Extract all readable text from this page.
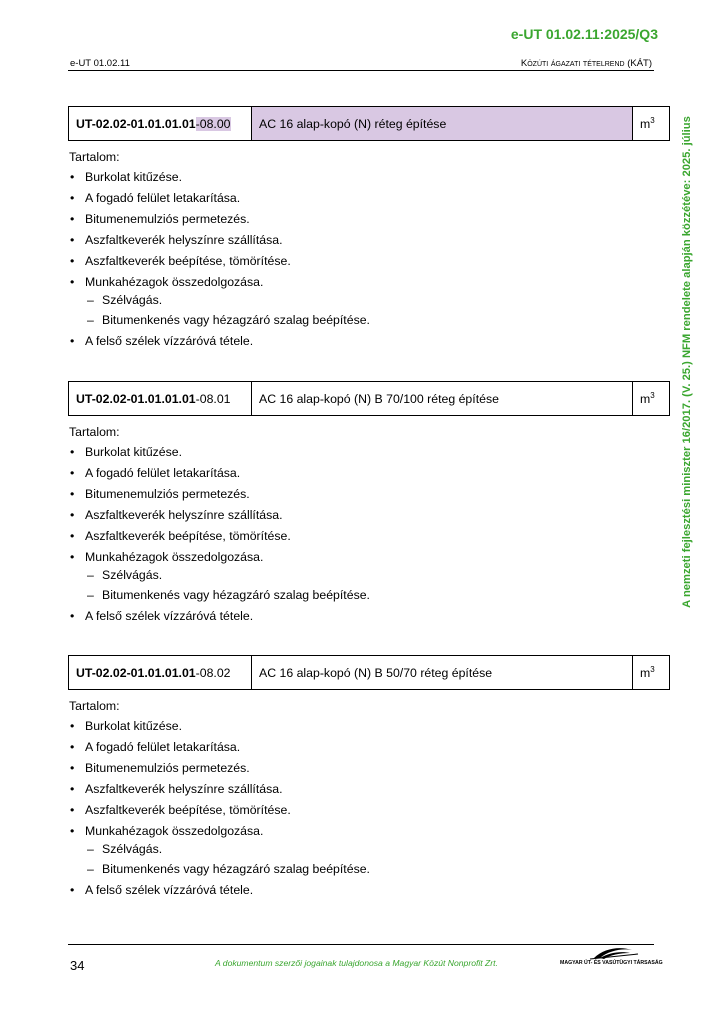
e-UT 01.02.11:2025/Q3
e-UT 01.02.11	Közúti ágazati tételrend (KÁT)
A nemzeti fejlesztési miniszter 16/2017. (V. 25.) NFM rendelete alapján közzétéve: 2025. július
UT-02.02-01.01.01.01-08.00	AC 16 alap-kopó (N) réteg építése	$m^3$
Tartalom:
• Burkolat kitűzése.
• A fogadó felület letakarítása.
• Bitumenemulziós permetezés.
• Aszfaltkeverék helyszínre szállítása.
• Aszfaltkeverék beépítése, tömörítése.
• Munkahézagok összedolgozása.
– Szélvágás.
– Bitumenkenés vagy hézagzáró szalag beépítése.
• A felső szélek vízzáróvá tétele.
UT-02.02-01.01.01.01-08.01	AC 16 alap-kopó (N) B 70/100 réteg építése	$m^3$
Tartalom:
• Burkolat kitűzése.
• A fogadó felület letakarítása.
• Bitumenemulziós permetezés.
• Aszfaltkeverék helyszínre szállítása.
• Aszfaltkeverék beépítése, tömörítése.
• Munkahézagok összedolgozása.
– Szélvágás.
– Bitumenkenés vagy hézagzáró szalag beépítése.
• A felső szélek vízzáróvá tétele.
UT-02.02-01.01.01.01-08.02	AC 16 alap-kopó (N) B 50/70 réteg építése	$m^3$
Tartalom:
• Burkolat kitűzése.
• A fogadó felület letakarítása.
• Bitumenemulziós permetezés.
• Aszfaltkeverék helyszínre szállítása.
• Aszfaltkeverék beépítése, tömörítése.
• Munkahézagok összedolgozása.
– Szélvágás.
– Bitumenkenés vagy hézagzáró szalag beépítése.
• A felső szélek vízzáróvá tétele.
34	A dokumentum szerzői jogainak tulajdonosa a Magyar Közút Nonprofit Zrt.	MAGYAR ÚT- ÉS VASÚTÜGYI TÁRSASÁG
